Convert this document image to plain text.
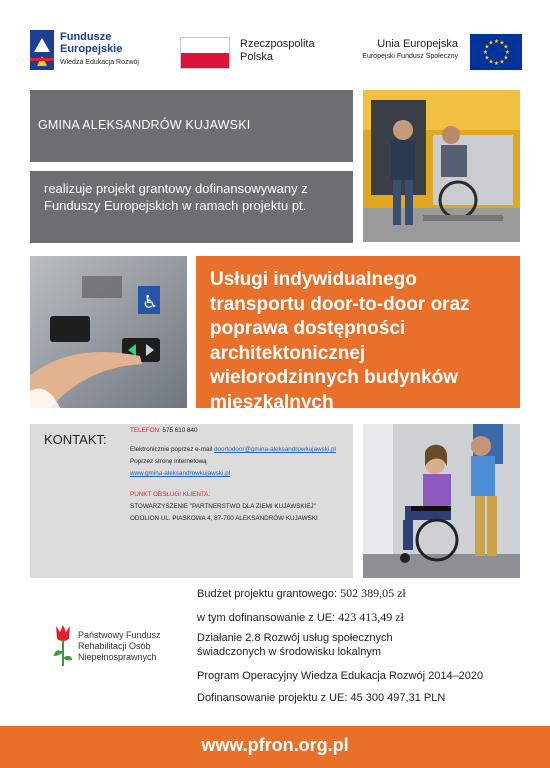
Fundusze
Europejskie
Wiedza Edukacja Rozwój
Rzeczpospolita
Polska
Unia Europejska
Europejski Fundusz Społeczny
★
★
★
★
★
★
★
★
★ ★ ★
★
GMINA ALEKSANDRÓW KUJAWSKI
realizuje projekt grantowy dofinansowywany z Funduszy Europejskich w ramach projektu pt.
♿
Usługi indywidualnego transportu door-to-door oraz poprawa dostępności architektonicznej wielorodzinnych budynków mieszkalnych
KONTAKT:
TELEFON: 575 610 840
Elektronicznie poprzez e-mail doortodoor@gmina-aleksandrowkujawski.pl
Poprzez stronę internetową
www.gmina-aleksandrowkujawski.pl
PUNKT OBSŁUGI KLIENTA:
STOWARZYSZENIE "PARTNERSTWO DLA ZIEMI KUJAWSKIEJ"
ODOLION UL. PIASKOWA 4, 87-700 ALEKSANDRÓW KUJAWSKI
Państwowy Fundusz
Rehabilitacji Osób
Niepełnosprawnych
Budżet projektu grantowego: 502 389,05 zł
w tym dofinansowanie z UE: 423 413,49 zł
Działanie 2.8 Rozwój usług społecznych
świadczonych w środowisku lokalnym
Program Operacyjny Wiedza Edukacja Rozwój 2014–2020
Dofinansowanie projektu z UE: 45 300 497,31 PLN
www.pfron.org.pl
